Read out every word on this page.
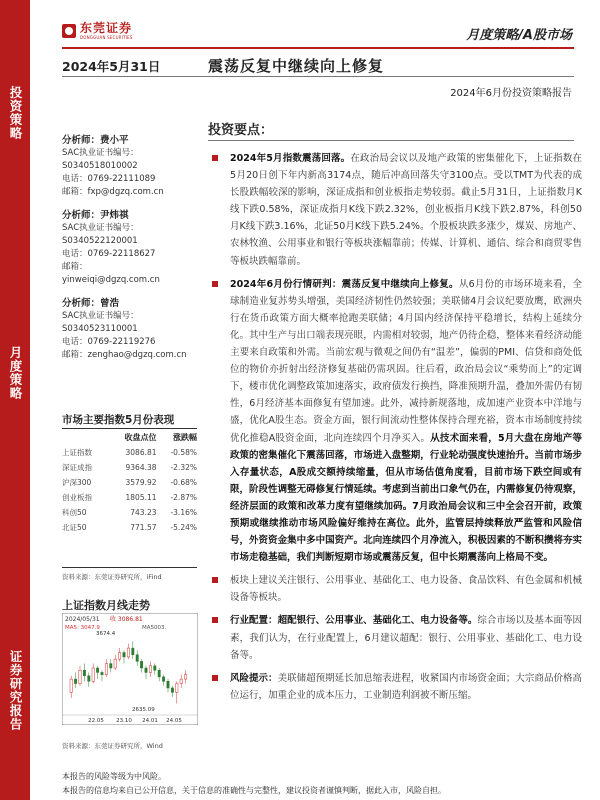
投资策略
月度策略
证券研究报告
东莞证券
DONGGUAN SECURITIES	月度策略/A股市场
2024年5月31日	震荡反复中继续向上修复
2024年6月份投资策略报告
分析师：费小平
SAC执业证书编号：
S0340518010002
电话：0769-22111089
邮箱：fxp@dgzq.com.cn
分析师：尹炜祺
SAC执业证书编号：
S0340522120001
电话：0769-22118627
邮箱：
yinweiqi@dgzq.com.cn
分析师：曾浩
SAC执业证书编号：
S0340523110001
电话：0769-22119276
邮箱：zenghao@dgzq.com.cn
市场主要指数5月份表现
	收盘点位	涨跌幅
上证指数	3086.81	-0.58%
深证成指	9364.38	-2.32%
沪深300	3579.92	-0.68%
创业板指	1805.11	-2.87%
科创50	743.23	-3.16%
北证50	771.57	-5.24%
资料来源：东莞证券研究所，iFind
上证指数月线走势
2024/05/31 收 3086.81
MA5: 3047.9	MA5003.
3674.4
2635.09
22.05 23.10 24.01 24.05
资料来源：东莞证券研究所，Wind
投资要点：
2024年5月指数震荡回落。在政治局会议以及地产政策的密集催化下，上证指数在5月20日创下年内新高3174点，随后冲高回落失守3100点。受以TMT为代表的成长股跌幅较深的影响，深证成指和创业板指走势较弱。截止5月31日，上证指数月K线下跌0.58%，深证成指月K线下跌2.32%，创业板指月K线下跌2.87%，科创50月K线下跌3.16%，北证50月K线下跌5.24%。个股板块跌多涨少，煤炭、房地产、农林牧渔、公用事业和银行等板块涨幅靠前；传媒、计算机、通信、综合和商贸零售等板块跌幅靠前。
2024年6月份行情研判：震荡反复中继续向上修复。从6月份的市场环境来看，全球制造业复苏势头增强，美国经济韧性仍然较强；美联储4月会议纪要放鹰，欧洲央行在货币政策方面大概率抢跑美联储；4月国内经济保持平稳增长，结构上延续分化。其中生产与出口端表现亮眼，内需相对较弱，地产仍待企稳，整体来看经济动能主要来自政策和外需。当前宏观与微观之间仍有“温差”，偏弱的PMI、信贷和商处低位的物价亦折射出经济修复基础仍需巩固。往后看，政治局会议“乘势而上”的定调下，楼市优化调整政策加速落实，政府债发行换挡，降准预期升温，叠加外需仍有韧性，6月经济基本面修复有望加速。此外，减持新规落地，成加速产业资本中洋地与盛，优化A股生态。资金方面，银行间流动性整体保持合理充裕，资本市场制度持续优化推稳A股资金面，北向连续四个月净买入。从技术面来看，5月大盘在房地产等政策的密集催化下震荡回落，市场进入盘整期，行业轮动强度快速抬升。当前市场步入存量状态，A股成交额持续缩量，但从市场估值角度看，目前市场下跌空间或有限，阶段性调整无碍修复行情延续。考虑到当前出口象气仍在，内需修复仍待观察，经济层面的政策和改革力度有望继续加码。7月政治局会议和三中全会召开前，政策预期或继续推动市场风险偏好维持在高位。此外，监管层持续释放严监管和风险信号，外资资金集中多中国资产。北向连续四个月净流入，积极因素的不断积攒将夯实市场走稳基础，我们判断短期市场或震荡反复，但中长期震荡向上格局不变。
板块上建议关注银行、公用事业、基础化工、电力设备、食品饮料、有色金属和机械设备等板块。
行业配置：超配银行、公用事业、基础化工、电力设备等。综合市场以及基本面等因素，我们认为，在行业配置上，6月建议超配：银行、公用事业、基础化工、电力设备等。
风险提示：美联储超预期延长加息缩表进程，收紧国内市场资金面；大宗商品价格高位运行，加重企业的成本压力，工业制造利润被不断压缩。
本报告的风险等级为中风险。
本报告的信息均来自已公开信息，关于信息的准确性与完整性，建议投资者谨慎判断，据此入市，风险自担。
